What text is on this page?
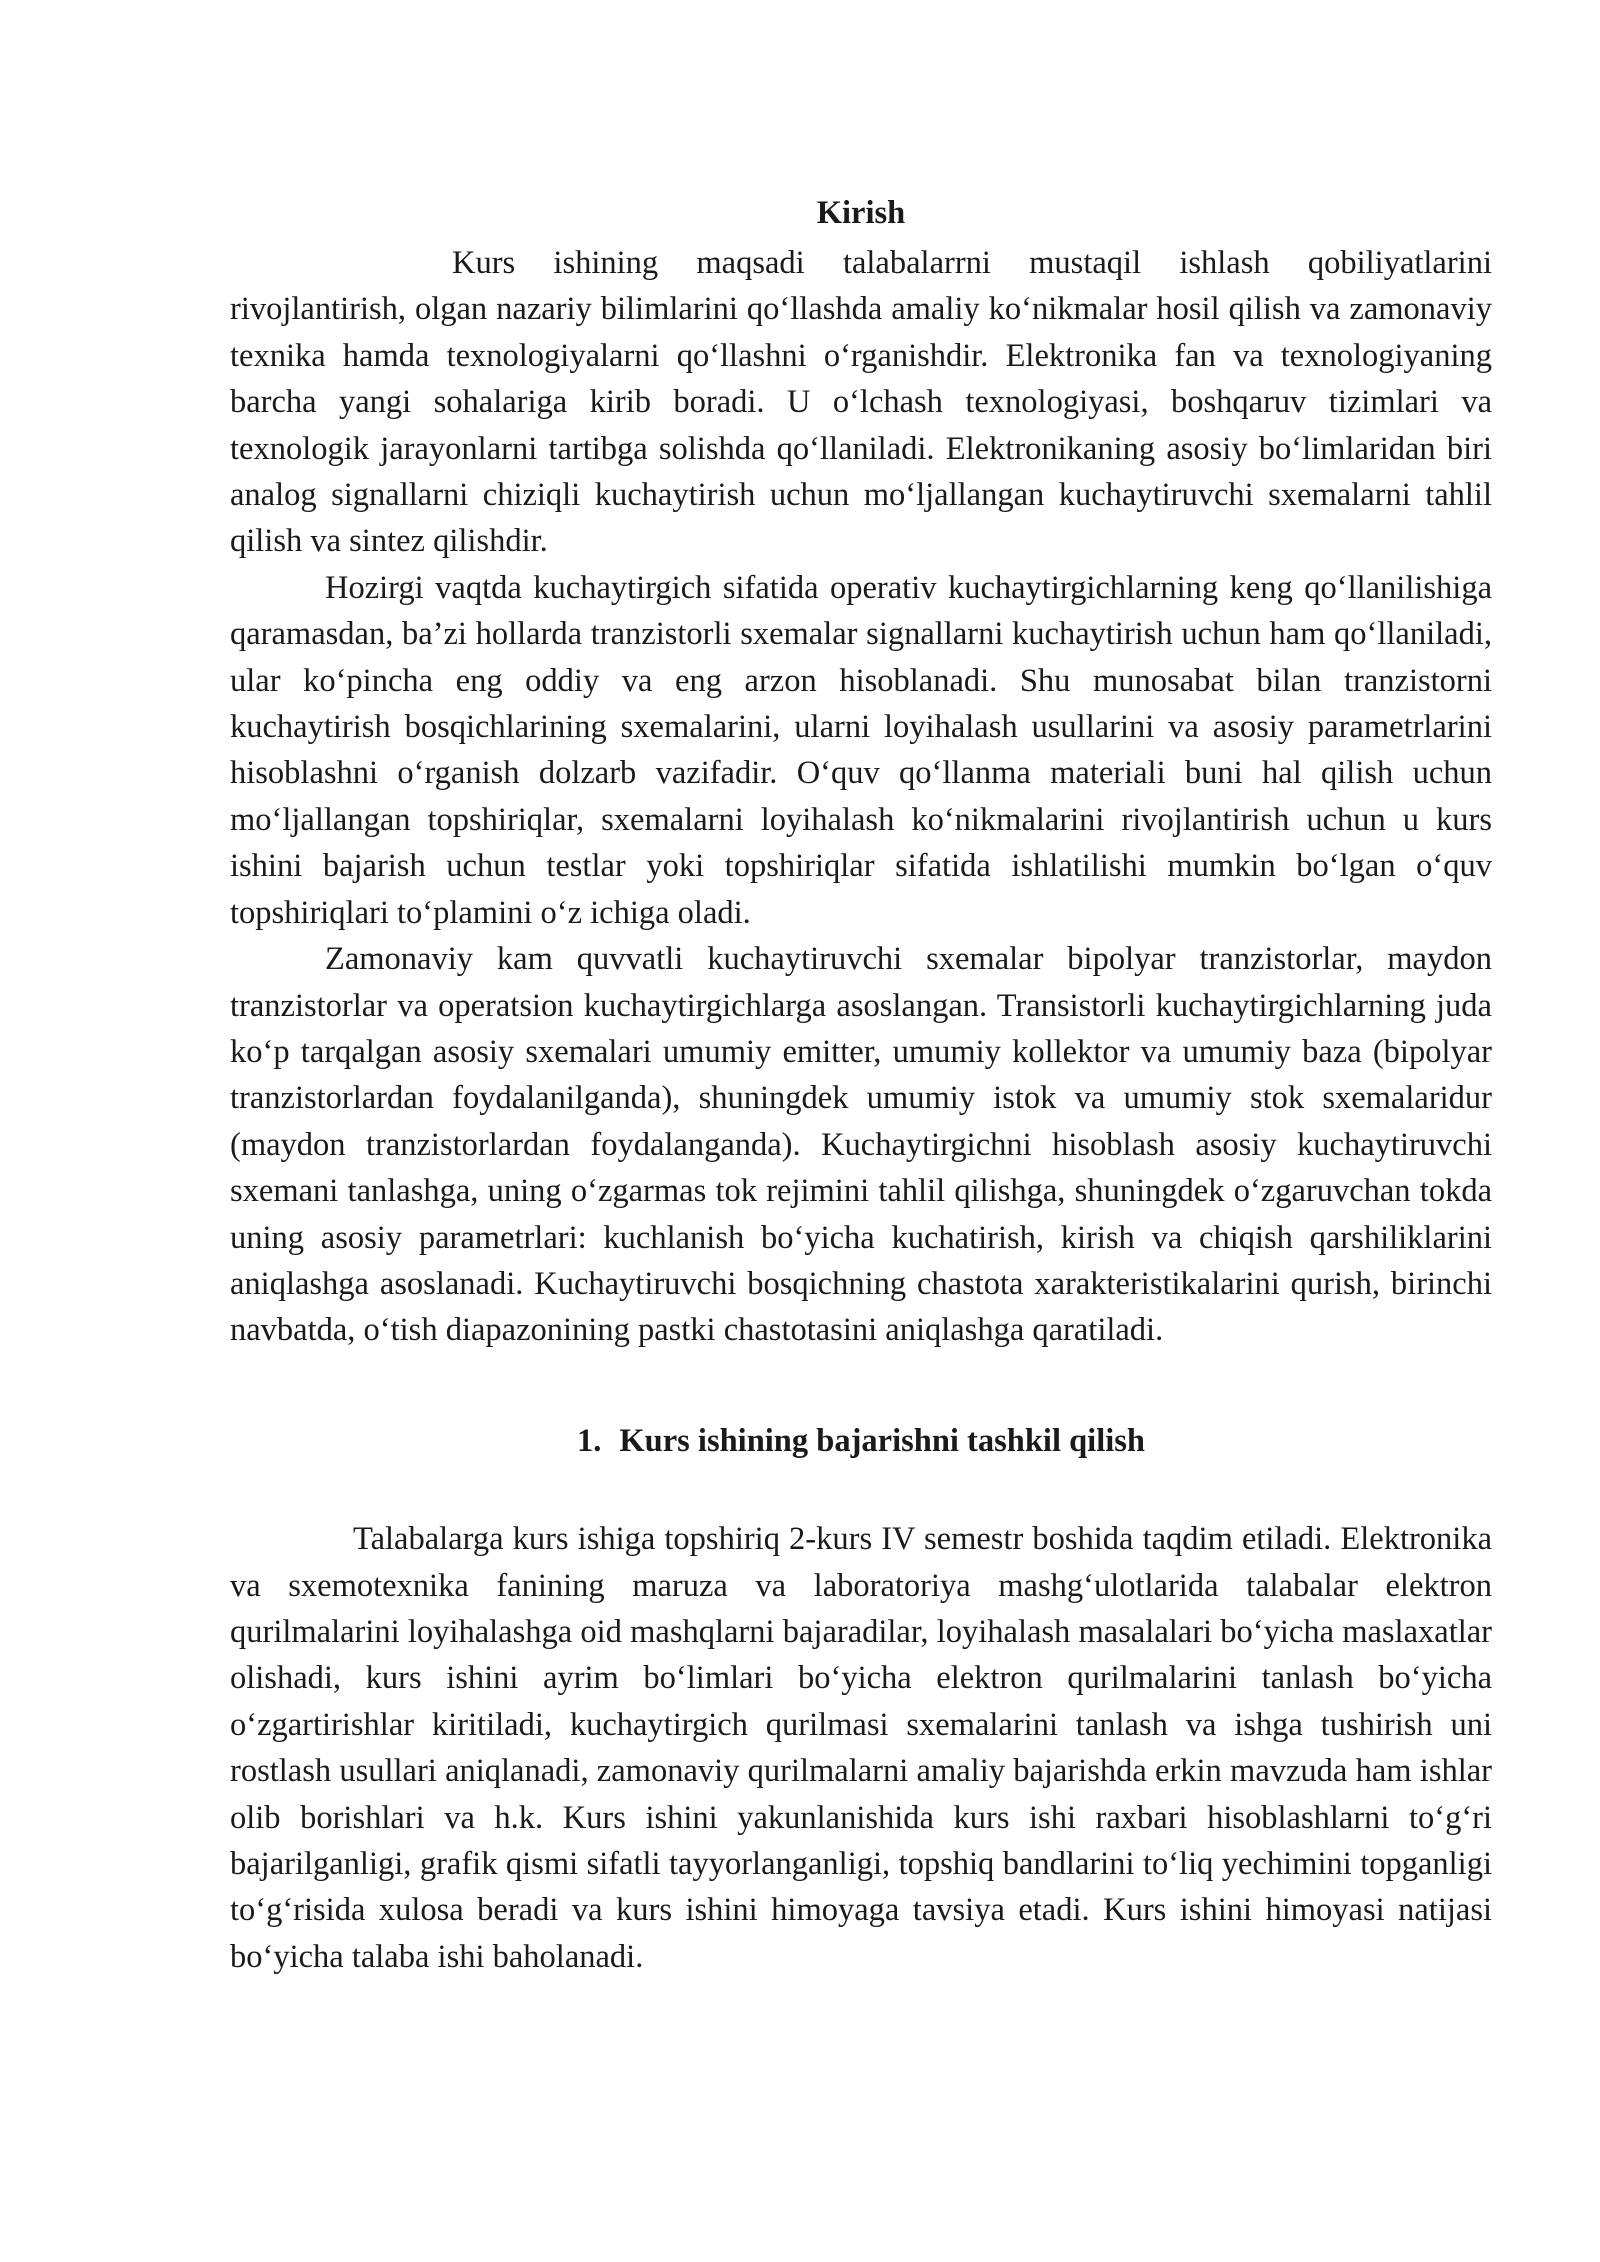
Kirish

Kurs ishining maqsadi talabalarrni mustaqil ishlash qobiliyatlarini rivojlantirish, olgan nazariy bilimlarini qo‘llashda amaliy ko‘nikmalar hosil qilish va zamonaviy texnika hamda texnologiyalarni qo‘llashni o‘rganishdir. Elektronika fan va texnologiyaning barcha yangi sohalariga kirib boradi. U o‘lchash texnologiyasi, boshqaruv tizimlari va texnologik jarayonlarni tartibga solishda qo‘llaniladi. Elektronikaning asosiy bo‘limlaridan biri analog signallarni chiziqli kuchaytirish uchun mo‘ljallangan kuchaytiruvchi sxemalarni tahlil qilish va sintez qilishdir.

Hozirgi vaqtda kuchaytirgich sifatida operativ kuchaytirgichlarning keng qo‘llanilishiga qaramasdan, ba’zi hollarda tranzistorli sxemalar signallarni kuchaytirish uchun ham qo‘llaniladi, ular ko‘pincha eng oddiy va eng arzon hisoblanadi. Shu munosabat bilan tranzistorni kuchaytirish bosqichlarining sxemalarini, ularni loyihalash usullarini va asosiy parametrlarini hisoblashni o‘rganish dolzarb vazifadir. O‘quv qo‘llanma materiali buni hal qilish uchun mo‘ljallangan topshiriqlar, sxemalarni loyihalash ko‘nikmalarini rivojlantirish uchun u kurs ishini bajarish uchun testlar yoki topshiriqlar sifatida ishlatilishi mumkin bo‘lgan o‘quv topshiriqlari to‘plamini o‘z ichiga oladi.

Zamonaviy kam quvvatli kuchaytiruvchi sxemalar bipolyar tranzistorlar, maydon tranzistorlar va operatsion kuchaytirgichlarga asoslangan. Transistorli kuchaytirgichlarning juda ko‘p tarqalgan asosiy sxemalari umumiy emitter, umumiy kollektor va umumiy baza (bipolyar tranzistorlardan foydalanilganda), shuningdek umumiy istok va umumiy stok sxemalaridur (maydon tranzistorlardan foydalanganda). Kuchaytirgichni hisoblash asosiy kuchaytiruvchi sxemani tanlashga, uning o‘zgarmas tok rejimini tahlil qilishga, shuningdek o‘zgaruvchan tokda uning asosiy parametrlari: kuchlanish bo‘yicha kuchatirish, kirish va chiqish qarshiliklarini aniqlashga asoslanadi. Kuchaytiruvchi bosqichning chastota xarakteristikalarini qurish, birinchi navbatda, o‘tish diapazonining pastki chastotasini aniqlashga qaratiladi.

1. Kurs ishining bajarishni tashkil qilish

Talabalarga kurs ishiga topshiriq 2-kurs IV semestr boshida taqdim etiladi. Elektronika va sxemotexnika fanining maruza va laboratoriya mashg‘ulotlarida talabalar elektron qurilmalarini loyihalashga oid mashqlarni bajaradilar, loyihalash masalalari bo‘yicha maslaxatlar olishadi, kurs ishini ayrim bo‘limlari bo‘yicha elektron qurilmalarini tanlash bo‘yicha o‘zgartirishlar kiritiladi, kuchaytirgich qurilmasi sxemalarini tanlash va ishga tushirish uni rostlash usullari aniqlanadi, zamonaviy qurilmalarni amaliy bajarishda erkin mavzuda ham ishlar olib borishlari va h.k. Kurs ishini yakunlanishida kurs ishi raxbari hisoblashlarni to‘g‘ri bajarilganligi, grafik qismi sifatli tayyorlanganligi, topshiq bandlarini to‘liq yechimini topganligi to‘g‘risida xulosa beradi va kurs ishini himoyaga tavsiya etadi. Kurs ishini himoyasi natijasi bo‘yicha talaba ishi baholanadi.
